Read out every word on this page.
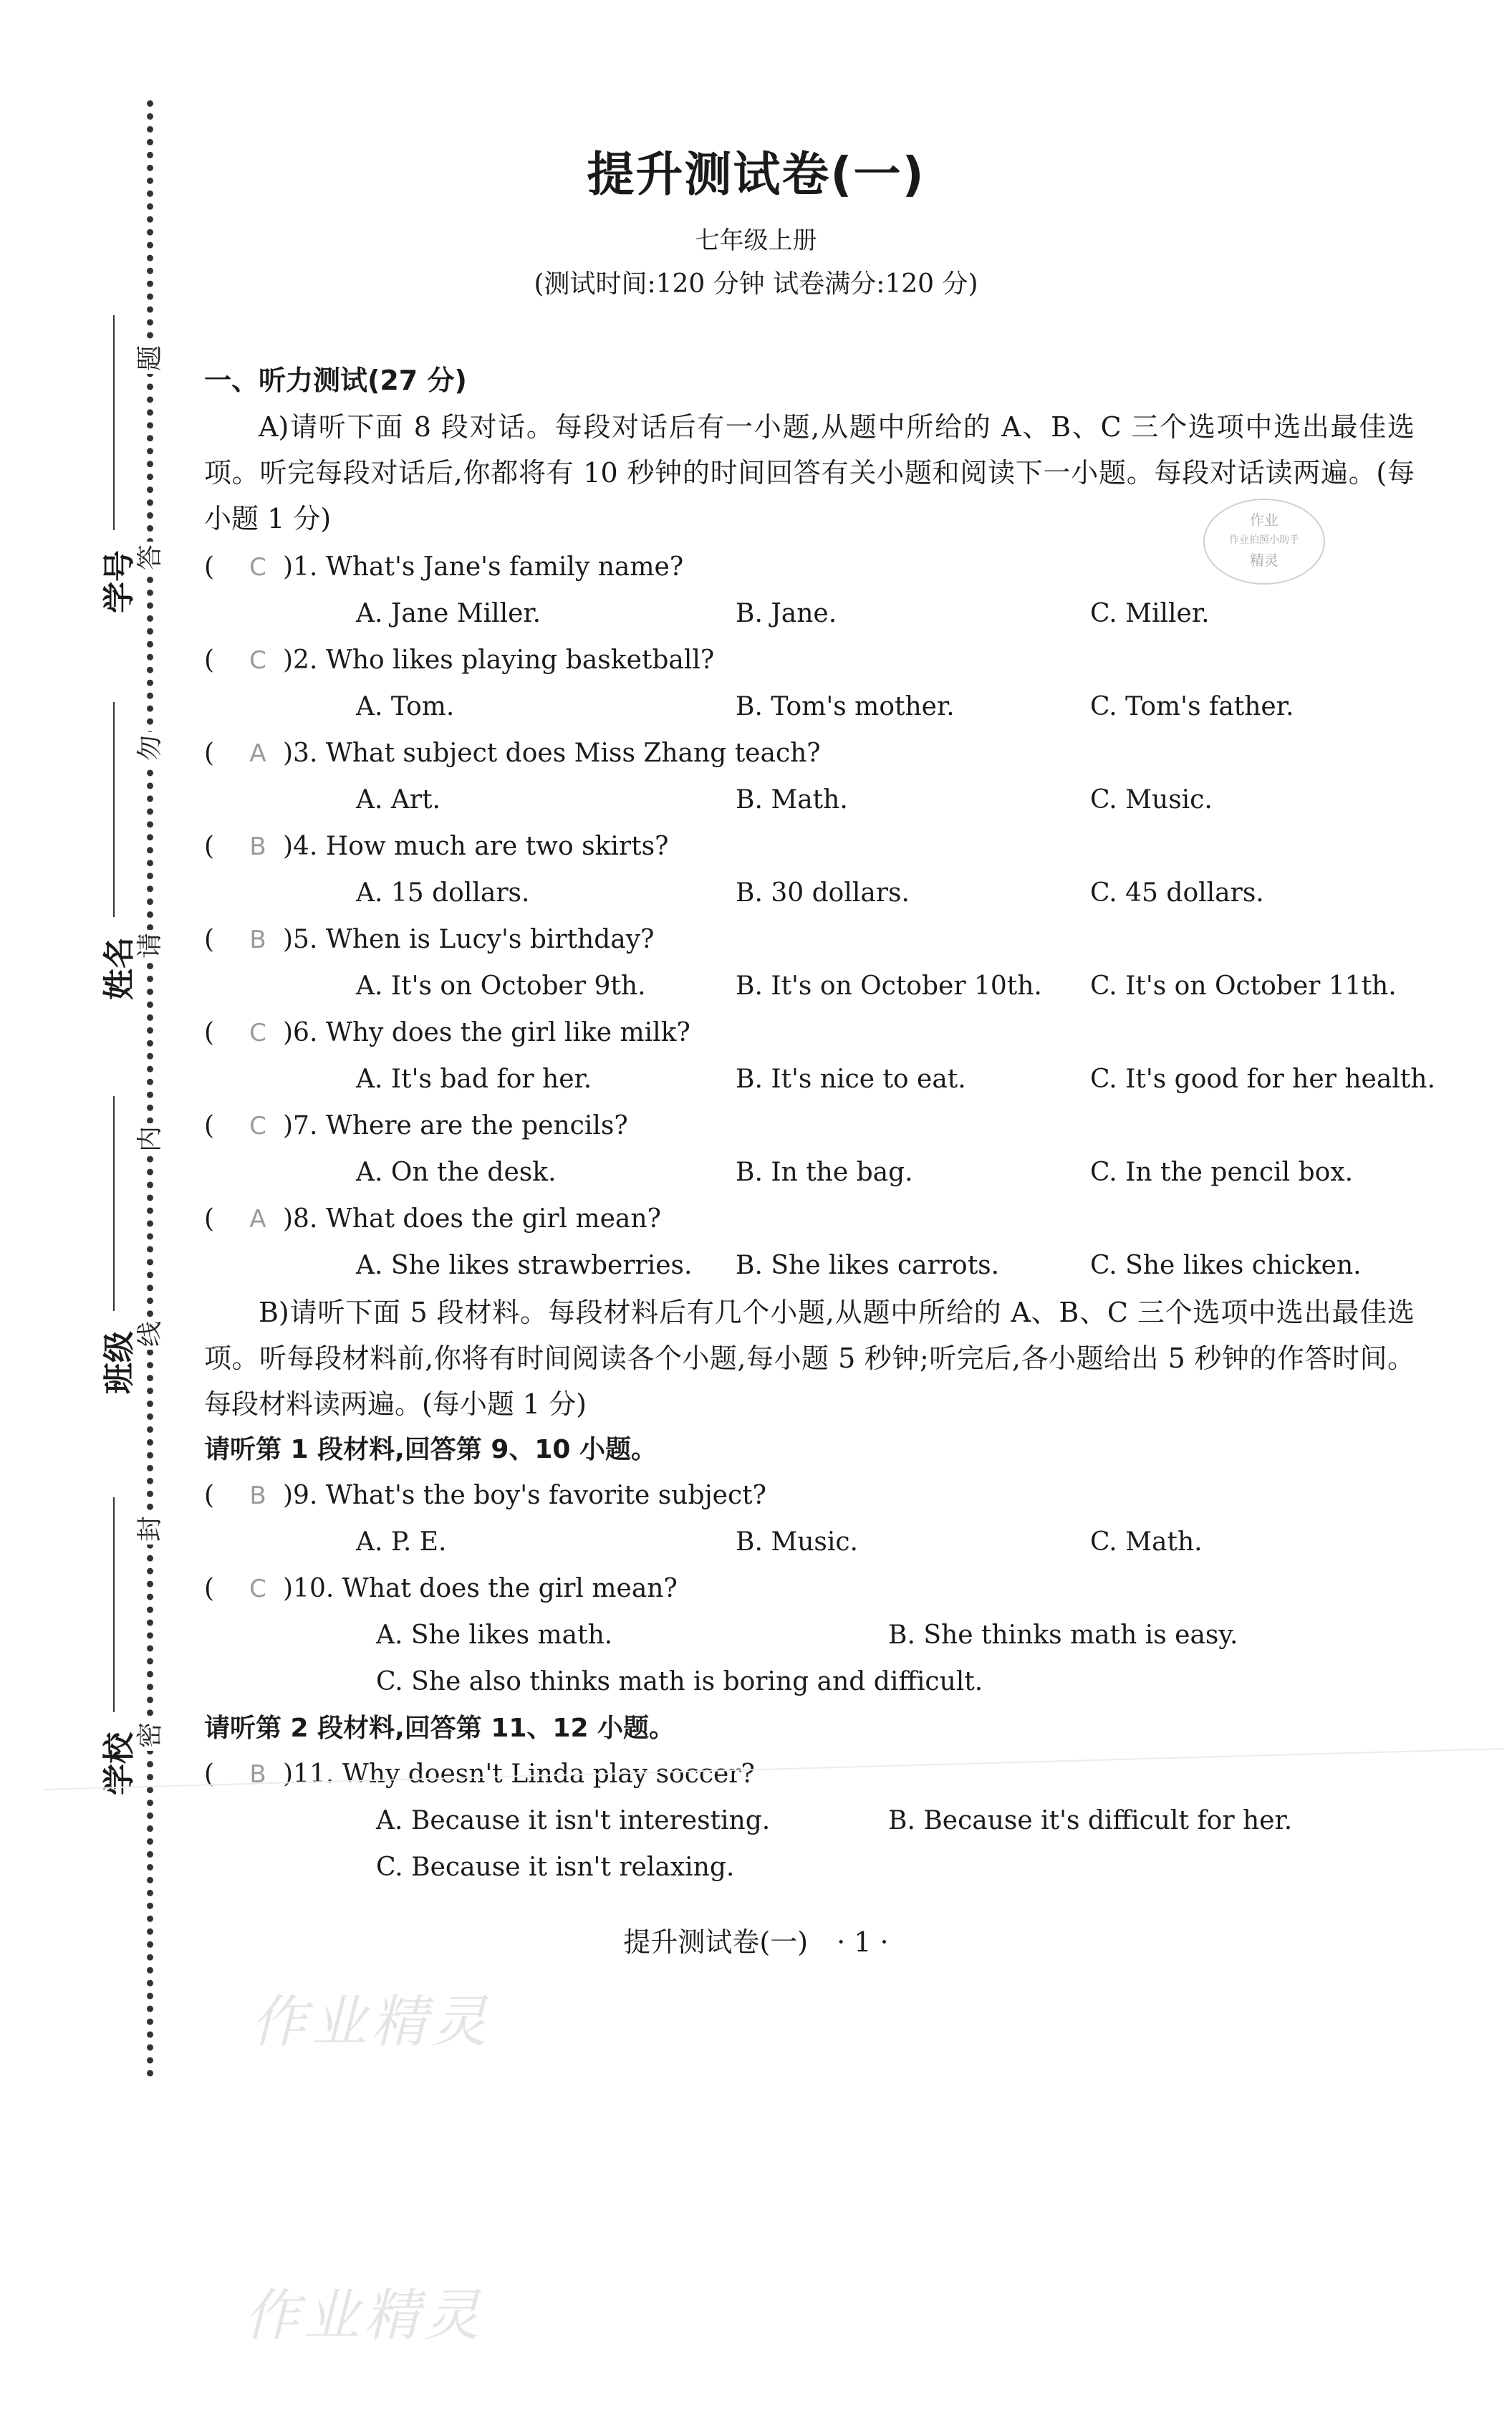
题
答
勿
请
内
线
封
密
学号
姓名
班级
学校
提升测试卷(一)
七年级上册
(测试时间:120 分钟 试卷满分:120 分)
作业
作业拍照小助手
精灵
一、听力测试(27 分)
A)请听下面 8 段对话。每段对话后有一小题,从题中所给的 A、B、C 三个选项中选出最佳选项。听完每段对话后,你都将有 10 秒钟的时间回答有关小题和阅读下一小题。每段对话读两遍。(每小题 1 分)
( C )1. What's Jane's family name?
A. Jane Miller.	B. Jane.	C. Miller.
( C )2. Who likes playing basketball?
A. Tom.	B. Tom's mother.	C. Tom's father.
( A )3. What subject does Miss Zhang teach?
A. Art.	B. Math.	C. Music.
( B )4. How much are two skirts?
A. 15 dollars.	B. 30 dollars.	C. 45 dollars.
( B )5. When is Lucy's birthday?
A. It's on October 9th.	B. It's on October 10th. C. It's on October 11th.
( C )6. Why does the girl like milk?
A. It's bad for her.	B. It's nice to eat.	C. It's good for her health.
( C )7. Where are the pencils?
A. On the desk.	B. In the bag.	C. In the pencil box.
( A )8. What does the girl mean?
A. She likes strawberries. B. She likes carrots.	C. She likes chicken.
B)请听下面 5 段材料。每段材料后有几个小题,从题中所给的 A、B、C 三个选项中选出最佳选项。听每段材料前,你将有时间阅读各个小题,每小题 5 秒钟;听完后,各小题给出 5 秒钟的作答时间。每段材料读两遍。(每小题 1 分)
请听第 1 段材料,回答第 9、10 小题。
( B )9. What's the boy's favorite subject?
A. P. E.	B. Music.	C. Math.
( C )10. What does the girl mean?
A. She likes math.	B. She thinks math is easy.
C. She also thinks math is boring and difficult.
请听第 2 段材料,回答第 11、12 小题。
( B )11. Why doesn't Linda play soccer?
A. Because it isn't interesting.	B. Because it's difficult for her.
C. Because it isn't relaxing.
提升测试卷(一) · 1 ·
作业精灵
作业精灵
